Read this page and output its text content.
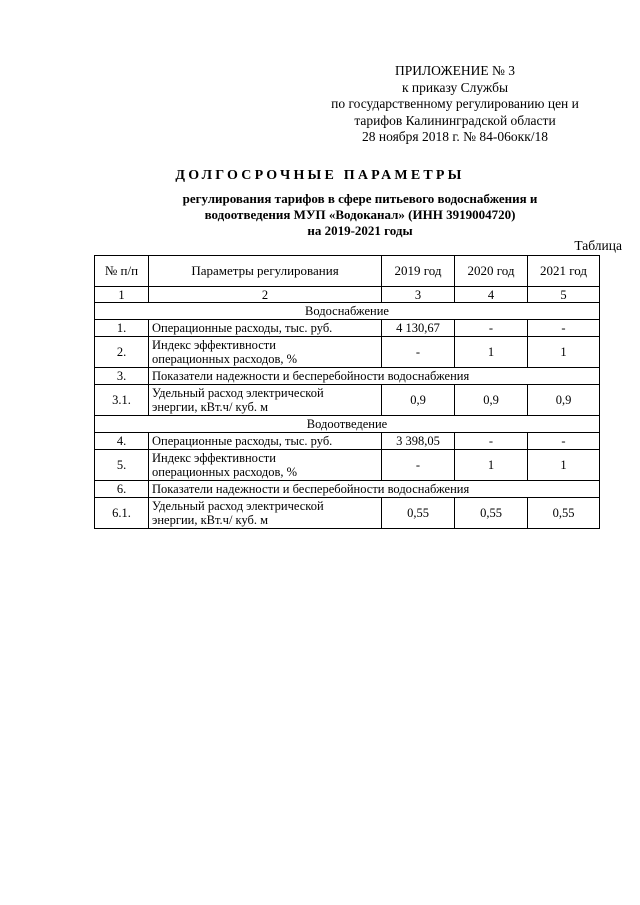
ПРИЛОЖЕНИЕ № 3
к приказу Службы
по государственному регулированию цен и
тарифов Калининградской области
28 ноября 2018 г. № 84-06окк/18
ДОЛГОСРОЧНЫЕ ПАРАМЕТРЫ
регулирования тарифов в сфере питьевого водоснабжения и
водоотведения МУП «Водоканал» (ИНН 3919004720)
на 2019-2021 годы
Таблица
№ п/п	Параметры регулирования	2019 год	2020 год	2021 год
1	2	3	4	5
Водоснабжение				
1.	Операционные расходы, тыс. руб.	4 130,67	-	-
2.	Индекс эффективности
операционных расходов, %	-	1	1
3.	Показатели надежности и бесперебойности водоснабжения			
3.1.	Удельный расход электрической
энергии, кВт.ч/ куб. м	0,9	0,9	0,9
Водоотведение				
4.	Операционные расходы, тыс. руб.	3 398,05	-	-
5.	Индекс эффективности
операционных расходов, %	-	1	1
6.	Показатели надежности и бесперебойности водоснабжения			
6.1.	Удельный расход электрической
энергии, кВт.ч/ куб. м	0,55	0,55	0,55
